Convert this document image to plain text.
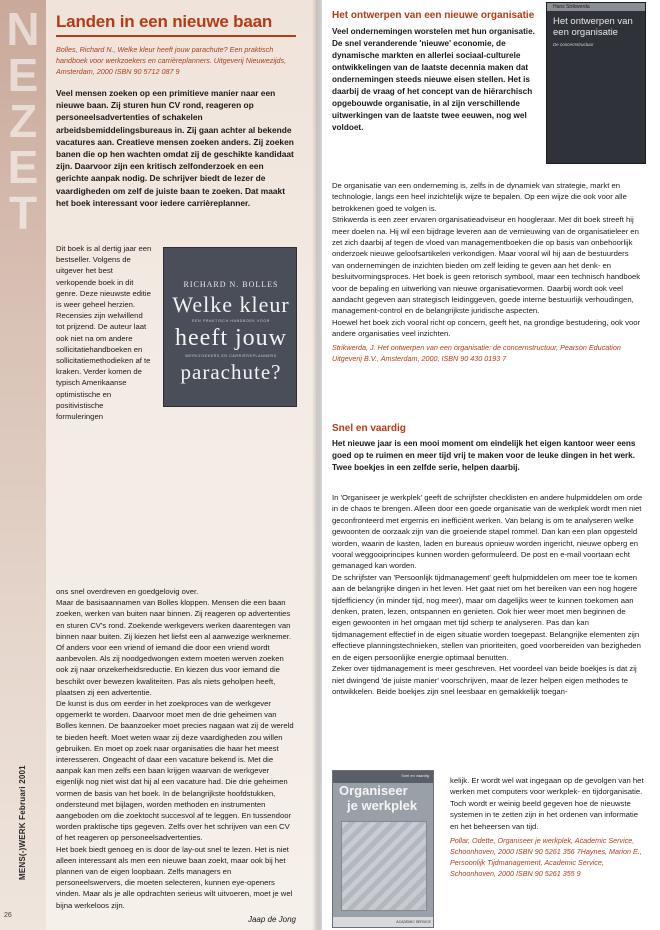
N
E
Z
E
T
Landen in een nieuwe baan
Bolles, Richard N., Welke kleur heeft jouw parachute? Een praktisch handboek voor werkzoekers en carrièreplanners. Uitgeverij Nieuwezijds, Amsterdam, 2000 ISBN 90 5712 087 9
Veel mensen zoeken op een primitieve manier naar een nieuwe baan. Zij sturen hun CV rond, reageren op personeelsadvertenties of schakelen arbeidsbemiddelingsbureaus in. Zij gaan achter al bekende vacatures aan. Creatieve mensen zoeken anders. Zij zoeken banen die op hen wachten omdat zij de geschikte kandidaat zijn. Daarvoor zijn een kritisch zelfonderzoek en een gerichte aanpak nodig. De schrijver biedt de lezer de vaardigheden om zelf de juiste baan te zoeken. Dat maakt het boek interessant voor iedere carrièreplanner.

Dit boek is al dertig jaar een bestseller. Volgens de uitgever het best verkopende boek in dit genre. Deze nieuwste editie is weer geheel herzien. Recensies zijn welwillend tot prijzend. De auteur laat ook niet na om andere sollicitatiehandboeken en sollicitatiemethodieken af te kraken. Verder komen de typisch Amerikaanse optimistische en positivistische formuleringen

RICHARD N. BOLLES
Welke kleur
EEN PRAKTISCH HANDBOEK VOOR
heeft jouw
WERKZOEKERS EN CARRIÈREPLANNERS
parachute?

ons snel overdreven en goedgelovig over.

Maar de basisaannamen van Bolles kloppen. Mensen die een baan zoeken, werken van buiten naar binnen. Zij reageren op advertenties en sturen CV's rond. Zoekende werkgevers werken daarentegen van binnen naar buiten. Zij kiezen het liefst een al aanwezige werknemer. Of anders voor een vriend of iemand die door een vriend wordt aanbevolen. Als zij noodgedwongen extern moeten werven zoeken ook zij naar onzekerheidsreductie. En kiezen dus voor iemand die beschikt over bewezen kwaliteiten. Pas als niets geholpen heeft, plaatsen zij een advertentie.

De kunst is dus om eerder in het zoekproces van de werkgever opgemerkt te worden. Daarvoor moet men de drie geheimen van Bolles kennen. De baanzoeker moet precies nagaan wat zij de wereld te bieden heeft. Moet weten waar zij deze vaardigheden zou willen gebruiken. En moet op zoek naar organisaties die haar het meest interesseren. Ongeacht of daar een vacature bekend is. Met die aanpak kan men zelfs een baan krijgen waarvan de werkgever eigenlijk nog niet wist dat hij al een vacature had. Die drie geheimen vormen de basis van het boek. In de belangrijkste hoofdstukken, ondersteund met bijlagen, worden methoden en instrumenten aangeboden om die zoektocht succesvol af te leggen. En tussendoor worden praktische tips gegeven. Zelfs over het schrijven van een CV of het reageren op personeelsadvertenties.

Het boek biedt genoeg en is door de lay-out snel te lezen. Het is niet alleen interessant als men een nieuwe baan zoekt, maar ook bij het plannen van de eigen loopbaan. Zelfs managers en personeelswervers, die moeten selecteren, kunnen eye-openers vinden. Maar als je alle opdrachten serieus wilt uitvoeren, moet je wel bijna werkeloos zijn.

Jaap de Jong
MENS(-)WERK Februari 2001
26
Het ontwerpen van een nieuwe organisatie
Veel ondernemingen worstelen met hun organisatie. De snel veranderende 'nieuwe' economie, de dynamische markten en allerlei sociaal-culturele ontwikkelingen van de laatste decennia maken dat ondernemingen steeds nieuwe eisen stellen. Het is daarbij de vraag of het concept van de hiërarchisch opgebouwde organisatie, in al zijn verschillende uitwerkingen van de laatste twee eeuwen, nog wel voldoet.
Hans Strikwerda
Het ontwerpen van een organisatie
De concernstructuur

De organisatie van een onderneming is, zelfs in de dynamiek van strategie, markt en technologie, langs een heel inzichtelijk wijze te bepalen. Op een wijze die ook voor alle betrokkenen goed te volgen is.

Strikwerda is een zeer ervaren organisatieadviseur en hoogleraar. Met dit boek streeft hij meer doelen na. Hij wil een bijdrage leveren aan de vernieuwing van de organisatieleer en zet zich daarbij af tegen de vloed van managementboeken die op basis van onbehoorlijk onderzoek nieuwe geloofsartikelen verkondigen. Maar vooral wil hij aan de bestuurders van ondernemingen de inzichten bieden om zelf leiding te geven aan het denk- en besluitvormingsproces. Het boek is geen retorisch symbool, maar een technisch handboek voor de bepaling en uitwerking van nieuwe organisatievormen. Daarbij wordt ook veel aandacht gegeven aan strategisch leidinggeven, goede interne bestuurlijk verhoudingen, management-control en de belangrijkste juridische aspecten.

Hoewel het boek zich vooral richt op concern, geeft het, na grondige bestudering, ook voor andere organisaties veel inzichten.

Strikwerda, J. Het ontwerpen van een organisatie: de concernstructuur, Pearson Education Uitgeverij B.V., Amsterdam, 2000, ISBN 90 430 0193 7
Snel en vaardig
Het nieuwe jaar is een mooi moment om eindelijk het eigen kantoor weer eens goed op te ruimen en meer tijd vrij te maken voor de leuke dingen in het werk. Twee boekjes in een zelfde serie, helpen daarbij.

In 'Organiseer je werkplek' geeft de schrijfster checklisten en andere hulpmiddelen om orde in de chaos te brengen. Alleen door een goede organisatie van de werkplek wordt men niet geconfronteerd met ergernis en inefficiënt werken. Van belang is om te analyseren welke gewoonten de oorzaak zijn van die groeiende stapel rommel. Dan kan een plan opgesteld worden, waarin de kasten, laden en bureaus opnieuw worden ingericht, nieuwe opberg en vooral weggooiprincipes kunnen worden geformuleerd. De post en e-mail voortaan echt gemanaged kan worden.

De schrijfster van 'Persoonlijk tijdmanagement' geeft hulpmiddelen om meer toe te komen aan de belangrijke dingen in het leven. Het gaat niet om het bereiken van een nog hogere tijdefficiency (in minder tijd, nog meer), maar om dagelijks weer te kunnen toekomen aan denken, praten, lezen, ontspannen en genieten. Ook hier weer moet men beginnen de eigen gewoonten in het omgaan met tijd scherp te analyseren. Pas dan kan tijdmanagement effectief in de eigen situatie worden toegepast. Belangrijke elementen zijn effectieve planningstechnieken, stellen van prioriteiten, goed voorbereiden van bezigheden en de eigen persoonlijke energie optimaal benutten.

Zeker over tijdmanagement is meer geschreven. Het voordeel van beide boekjes is dat zij niet dwingend 'de juiste manier' voorschrijven, maar de lezer helpen eigen methodes te ontwikkelen. Beide boekjes zijn snel leesbaar en gemakkelijk toegan-

Snel en vaardig
Organiseer
je werkplek
ACADEMIC SERVICE

kelijk. Er wordt wel wat ingegaan op de gevolgen van het werken met computers voor werkplek- en tijdorganisatie. Toch wordt er weinig beeld gegeven hoe de nieuwste systemen in te zetten zijn in het ordenen van informatie en het beheersen van tijd.

Pollar, Odette, Organiseer je werkplek, Academic Service, Schoonhoven, 2000 ISBN 90 5261 356 7Haynes, Marion E., Persoonlijk Tijdmanagement, Academic Service, Schoonhoven, 2000 ISBN 90 5261 355 9
